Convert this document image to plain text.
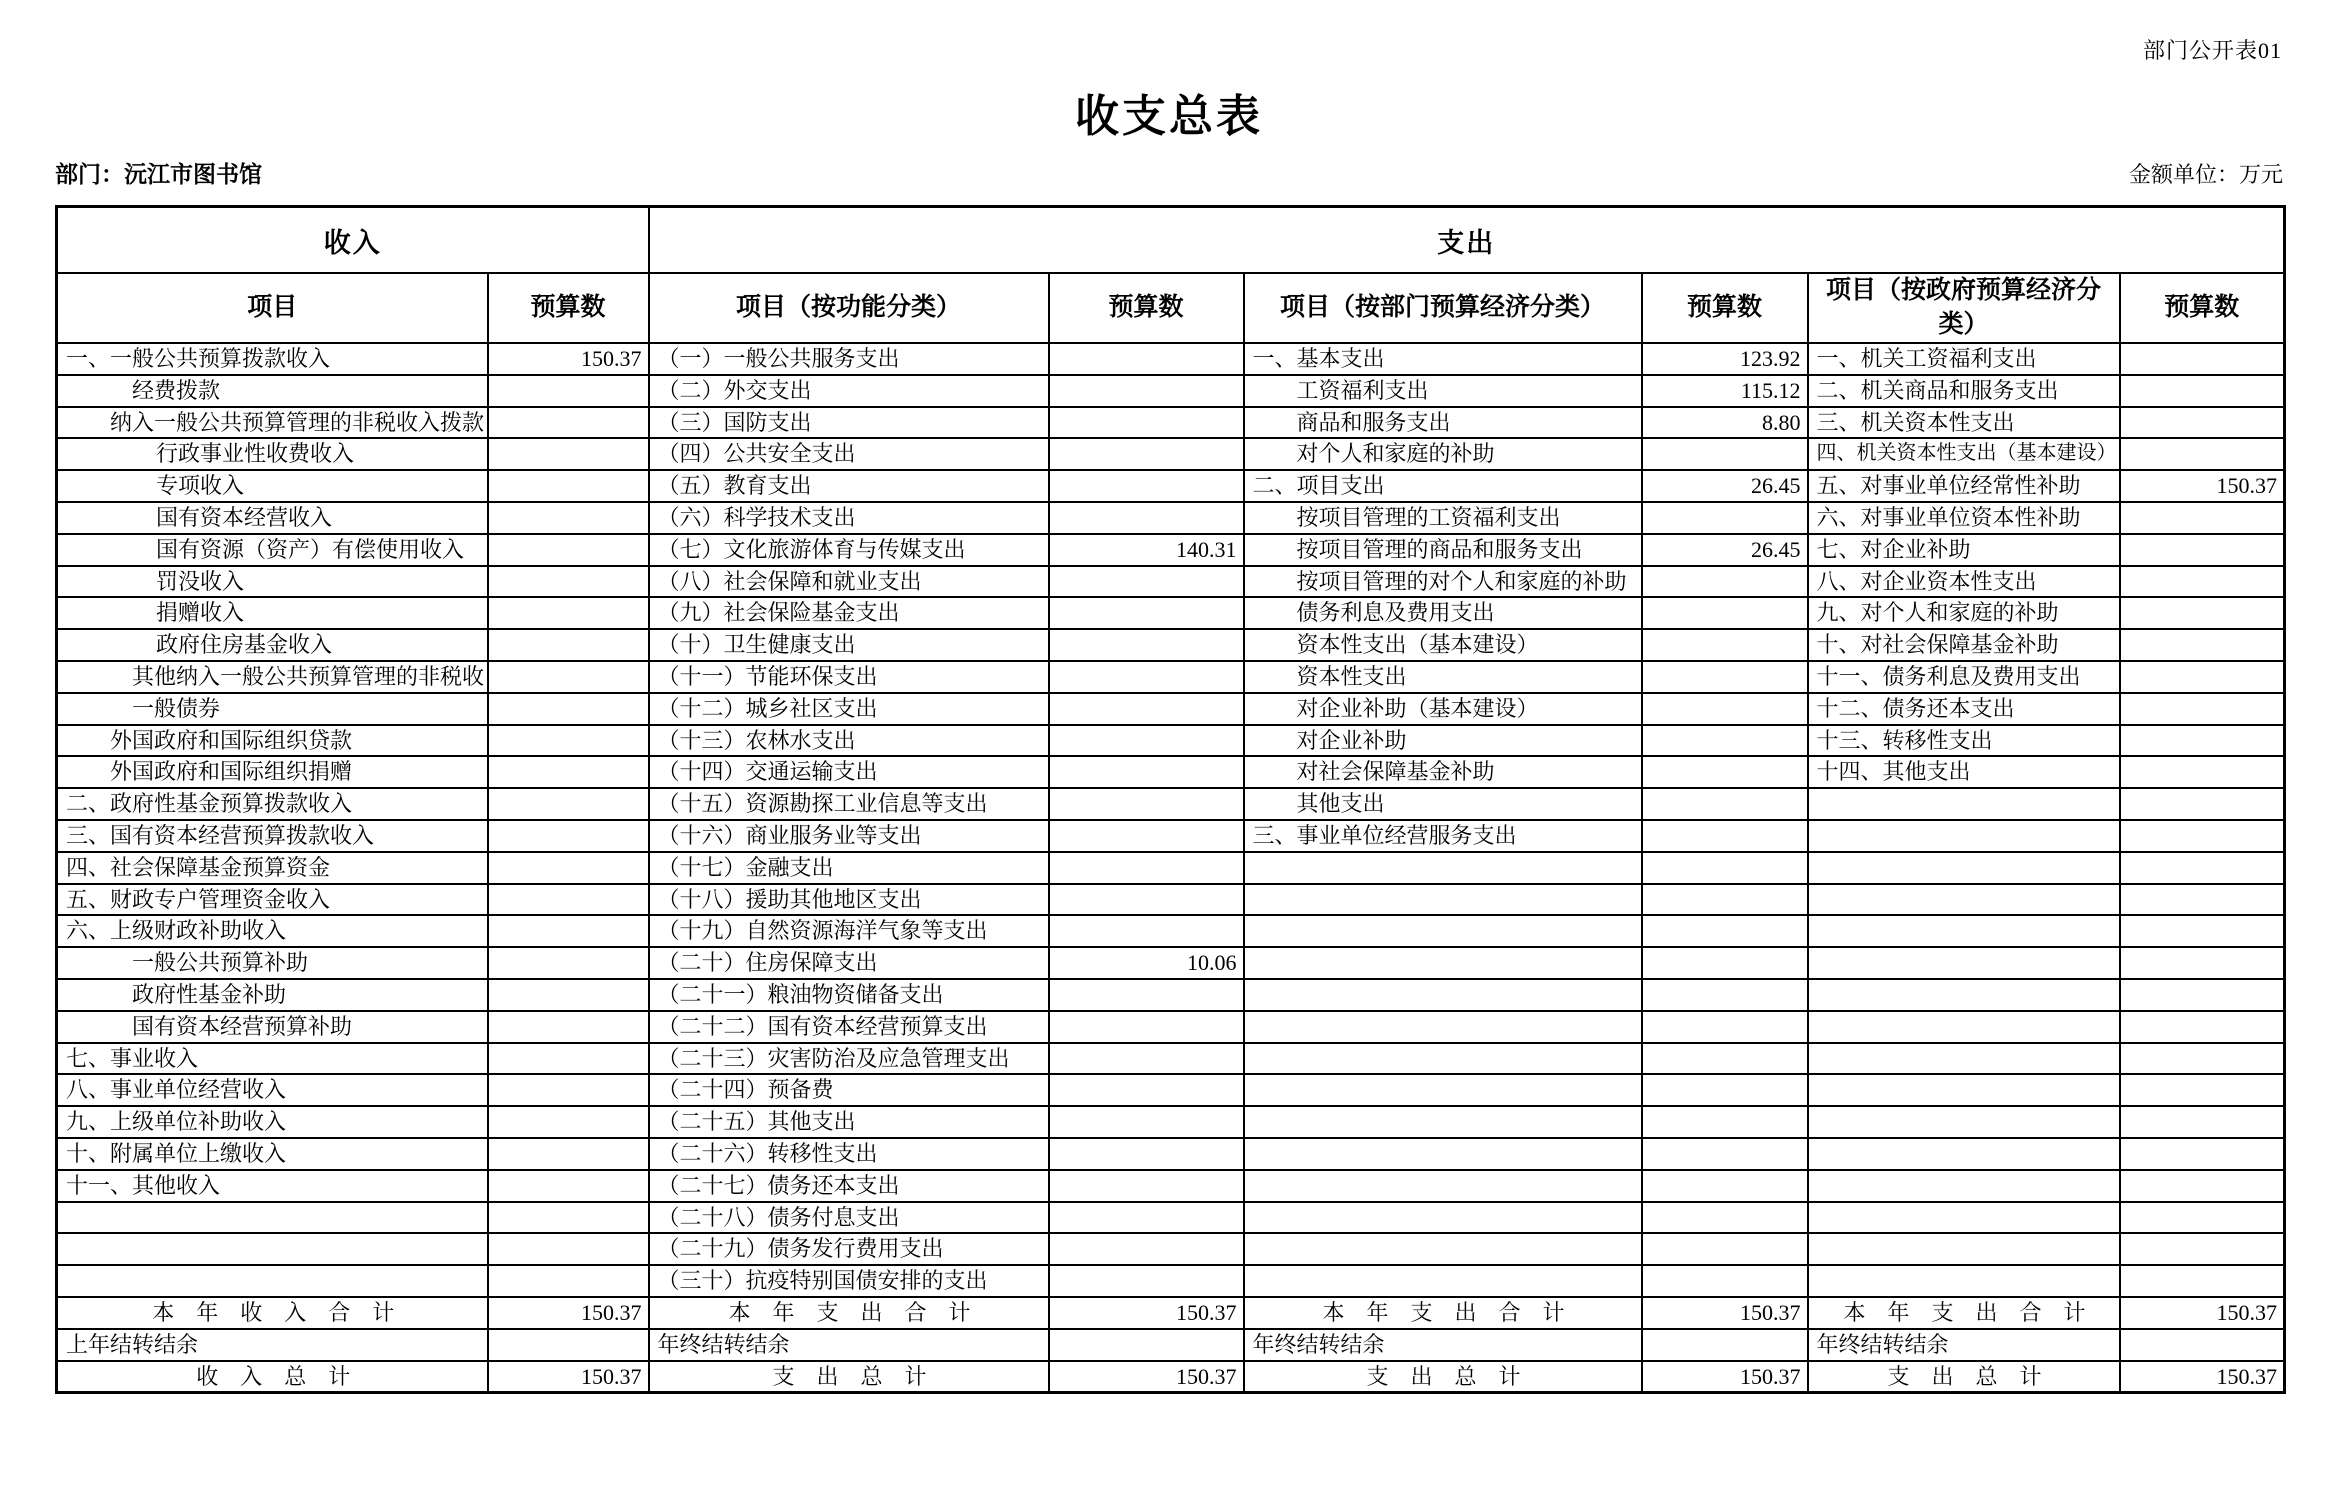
部门公开表01
收支总表
部门：沅江市图书馆	金额单位：万元
收入		支出					
项目	预算数	项目（按功能分类）	预算数	项目（按部门预算经济分类）	预算数	项目（按政府预算经济分类）	预算数
一、一般公共预算拨款收入	150.37	（一）一般公共服务支出		一、基本支出	123.92	一、机关工资福利支出	
经费拨款		（二）外交支出		工资福利支出	115.12	二、机关商品和服务支出	
纳入一般公共预算管理的非税收入拨款		（三）国防支出		商品和服务支出	8.80	三、机关资本性支出	
行政事业性收费收入		（四）公共安全支出		对个人和家庭的补助		四、机关资本性支出（基本建设）	
专项收入		（五）教育支出		二、项目支出	26.45	五、对事业单位经常性补助	150.37
国有资本经营收入		（六）科学技术支出		按项目管理的工资福利支出		六、对事业单位资本性补助	
国有资源（资产）有偿使用收入		（七）文化旅游体育与传媒支出	140.31	按项目管理的商品和服务支出	26.45	七、对企业补助	
罚没收入		（八）社会保障和就业支出		按项目管理的对个人和家庭的补助		八、对企业资本性支出	
捐赠收入		（九）社会保险基金支出		债务利息及费用支出		九、对个人和家庭的补助	
政府住房基金收入		（十）卫生健康支出		资本性支出（基本建设）		十、对社会保障基金补助	
其他纳入一般公共预算管理的非税收		（十一）节能环保支出		资本性支出		十一、债务利息及费用支出	
一般债券		（十二）城乡社区支出		对企业补助（基本建设）		十二、债务还本支出	
外国政府和国际组织贷款		（十三）农林水支出		对企业补助		十三、转移性支出	
外国政府和国际组织捐赠		（十四）交通运输支出		对社会保障基金补助		十四、其他支出	
二、政府性基金预算拨款收入		（十五）资源勘探工业信息等支出		其他支出			
三、国有资本经营预算拨款收入		（十六）商业服务业等支出		三、事业单位经营服务支出			
四、社会保障基金预算资金		（十七）金融支出					
五、财政专户管理资金收入		（十八）援助其他地区支出					
六、上级财政补助收入		（十九）自然资源海洋气象等支出					
一般公共预算补助		（二十）住房保障支出	10.06				
政府性基金补助		（二十一）粮油物资储备支出					
国有资本经营预算补助		（二十二）国有资本经营预算支出					
七、事业收入		（二十三）灾害防治及应急管理支出					
八、事业单位经营收入		（二十四）预备费					
九、上级单位补助收入		（二十五）其他支出					
十、附属单位上缴收入		（二十六）转移性支出					
十一、其他收入		（二十七）债务还本支出					
		（二十八）债务付息支出					
		（二十九）债务发行费用支出					
		（三十）抗疫特别国债安排的支出					
本年收入合计	150.37	本年支出合计	150.37	本年支出合计	150.37	本年支出合计	150.37
上年结转结余		年终结转结余		年终结转结余		年终结转结余	
收入总计	150.37	支出总计	150.37	支出总计	150.37	支出总计	150.37
